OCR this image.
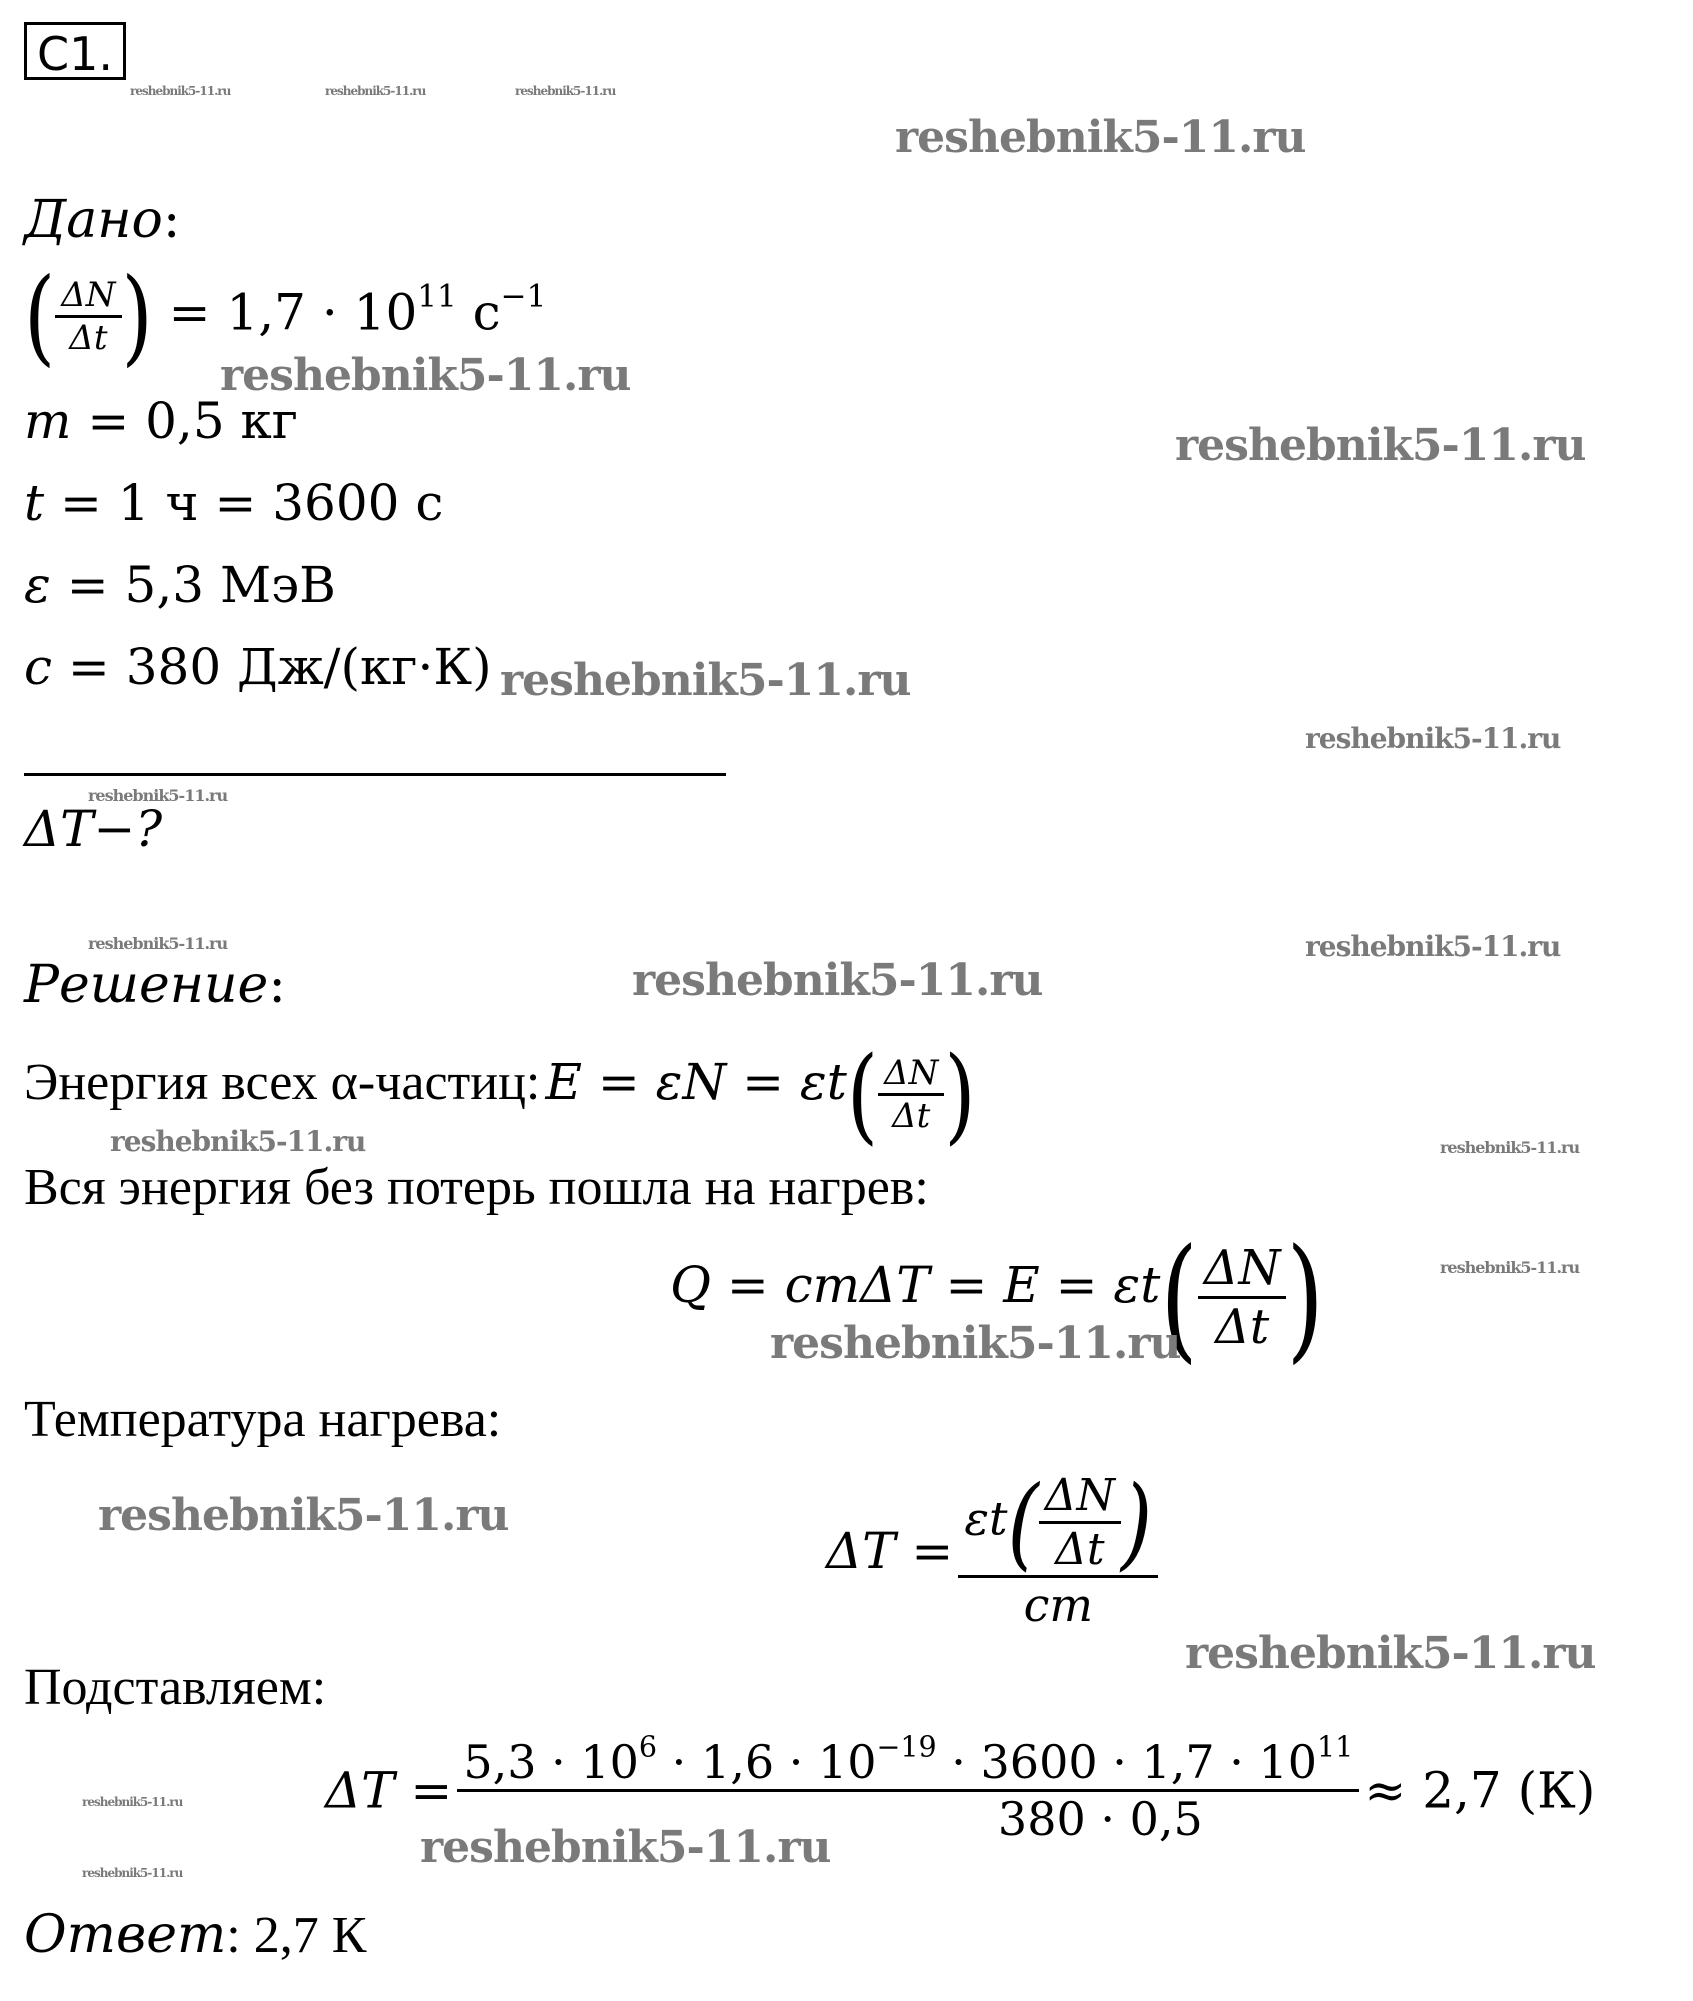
С1.
Дано:
( $\frac{\Delta N}{\Delta t}$ ) = $1,7 \cdot 10^{11}$ $с^{-1}$
m = 0,5 кг
t = 1 ч = 3600 с
ε = 5,3 МэВ
c = 380 Дж/(кг·К)
ΔT−?
Решение:
Энергия всех α-частиц: $E = \varepsilon N = \varepsilon t( \frac{\Delta N}{\Delta t}$ )
Вся энергия без потерь пошла на нагрев:
$Q = cm\Delta T = E = \varepsilon t( \frac{\Delta N}{\Delta t}$ )
Температура нагрева:
$\Delta T = \frac{\varepsilon t( \frac{\Delta N}{\Delta t} )}{cm}$
Подставляем:
$\Delta T = \frac{5,3 \cdot 10^6 \cdot 1,6 \cdot 10^{-19} \cdot 3600 \cdot 1,7 \cdot 10^{11}}{380 \cdot 0,5} \approx 2,7$ (К)
Ответ: 2,7 К
reshebnik5-11.ru	reshebnik5-11.ru	reshebnik5-11.ru
reshebnik5-11.ru
reshebnik5-11.ru
reshebnik5-11.ru
reshebnik5-11.ru
reshebnik5-11.ru
reshebnik5-11.ru
reshebnik5-11.ru	reshebnik5-11.ru
reshebnik5-11.ru
reshebnik5-11.ru	reshebnik5-11.ru
reshebnik5-11.ru
reshebnik5-11.ru
reshebnik5-11.ru
reshebnik5-11.ru
reshebnik5-11.ru
reshebnik5-11.ru
reshebnik5-11.ru
